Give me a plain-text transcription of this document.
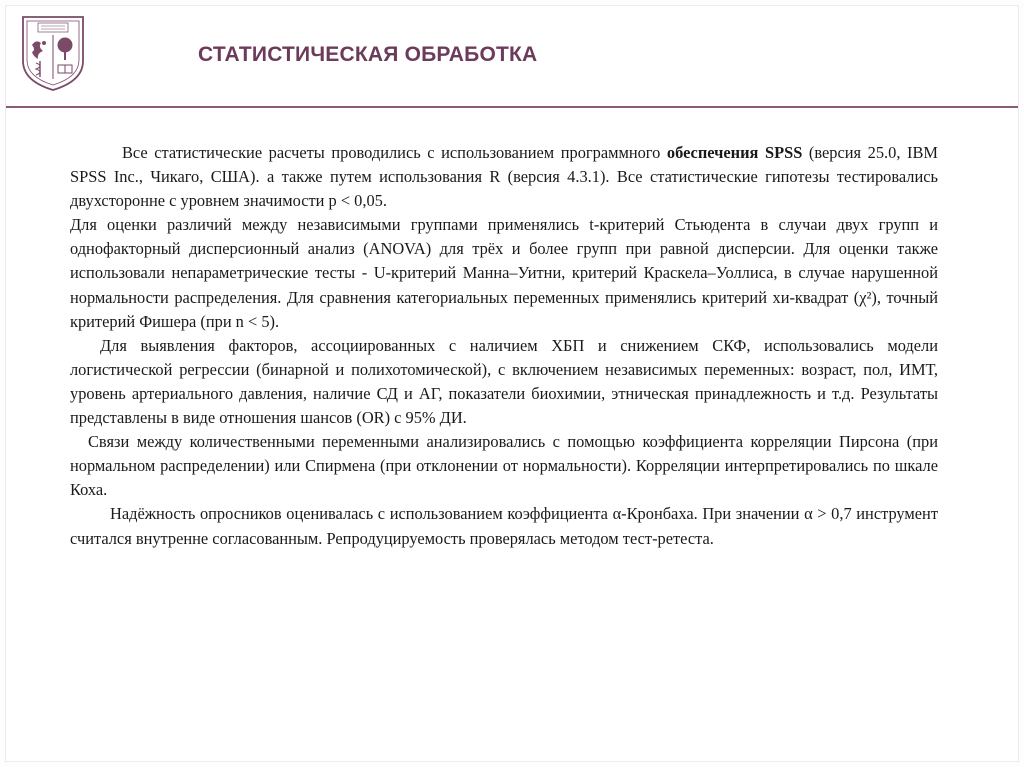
СТАТИСТИЧЕСКАЯ ОБРАБОТКА

Все статистические расчеты проводились с использованием программного обеспечения SPSS (версия 25.0, IBM SPSS Inc., Чикаго, США). а также путем использования R (версия 4.3.1). Все статистические гипотезы тестировались двухсторонне с уровнем значимости p < 0,05.

Для оценки различий между независимыми группами применялись t-критерий Стьюдента в случаи двух групп и однофакторный дисперсионный анализ (ANOVA) для трёх и более групп при равной дисперсии. Для оценки также использовали непараметрические тесты - U-критерий Манна–Уитни, критерий Краскела–Уоллиса, в случае нарушенной нормальности распределения. Для сравнения категориальных переменных применялись критерий хи-квадрат (χ²), точный критерий Фишера (при n < 5).

Для выявления факторов, ассоциированных с наличием ХБП и снижением СКФ, использовались модели логистической регрессии (бинарной и полихотомической), с включением независимых переменных: возраст, пол, ИМТ, уровень артериального давления, наличие СД и АГ, показатели биохимии, этническая принадлежность и т.д. Результаты представлены в виде отношения шансов (OR) с 95% ДИ.

Связи между количественными переменными анализировались с помощью коэффициента корреляции Пирсона (при нормальном распределении) или Спирмена (при отклонении от нормальности). Корреляции интерпретировались по шкале Коха.

Надёжность опросников оценивалась с использованием коэффициента α-Кронбаха. При значении α > 0,7 инструмент считался внутренне согласованным. Репродуцируемость проверялась методом тест-ретеста.
